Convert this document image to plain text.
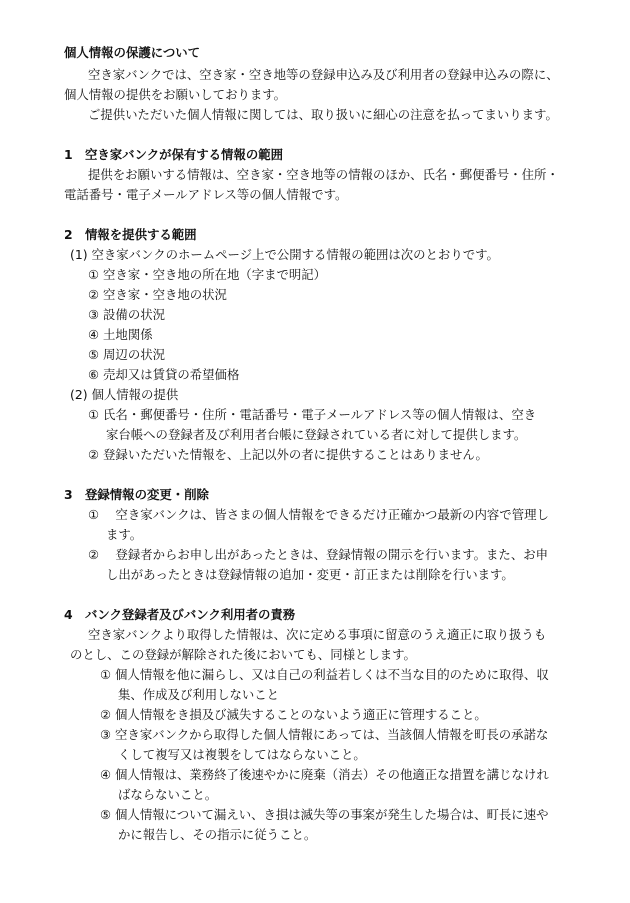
個人情報の保護について
空き家バンクでは、空き家・空き地等の登録申込み及び利用者の登録申込みの際に、
個人情報の提供をお願いしております。
ご提供いただいた個人情報に関しては、取り扱いに細心の注意を払ってまいります。
1　空き家バンクが保有する情報の範囲
提供をお願いする情報は、空き家・空き地等の情報のほか、氏名・郵便番号・住所・
電話番号・電子メールアドレス等の個人情報です。
2　情報を提供する範囲
(1) 空き家バンクのホームページ上で公開する情報の範囲は次のとおりです。
① 空き家・空き地の所在地（字まで明記）
② 空き家・空き地の状況
③ 設備の状況
④ 土地関係
⑤ 周辺の状況
⑥ 売却又は賃貸の希望価格
(2) 個人情報の提供
① 氏名・郵便番号・住所・電話番号・電子メールアドレス等の個人情報は、空き
家台帳への登録者及び利用者台帳に登録されている者に対して提供します。
② 登録いただいた情報を、上記以外の者に提供することはありません。
3　登録情報の変更・削除
①　 空き家バンクは、皆さまの個人情報をできるだけ正確かつ最新の内容で管理し
ます。
②　 登録者からお申し出があったときは、登録情報の開示を行います。また、お申
し出があったときは登録情報の追加・変更・訂正または削除を行います。
4　バンク登録者及びバンク利用者の責務
空き家バンクより取得した情報は、次に定める事項に留意のうえ適正に取り扱うも
のとし、この登録が解除された後においても、同様とします。
① 個人情報を他に漏らし、又は自己の利益若しくは不当な目的のために取得、収
集、作成及び利用しないこと
② 個人情報をき損及び滅失することのないよう適正に管理すること。
③ 空き家バンクから取得した個人情報にあっては、当該個人情報を町長の承諾な
くして複写又は複製をしてはならないこと。
④ 個人情報は、業務終了後速やかに廃棄（消去）その他適正な措置を講じなけれ
ばならないこと。
⑤ 個人情報について漏えい、き損は滅失等の事案が発生した場合は、町長に速や
かに報告し、その指示に従うこと。
